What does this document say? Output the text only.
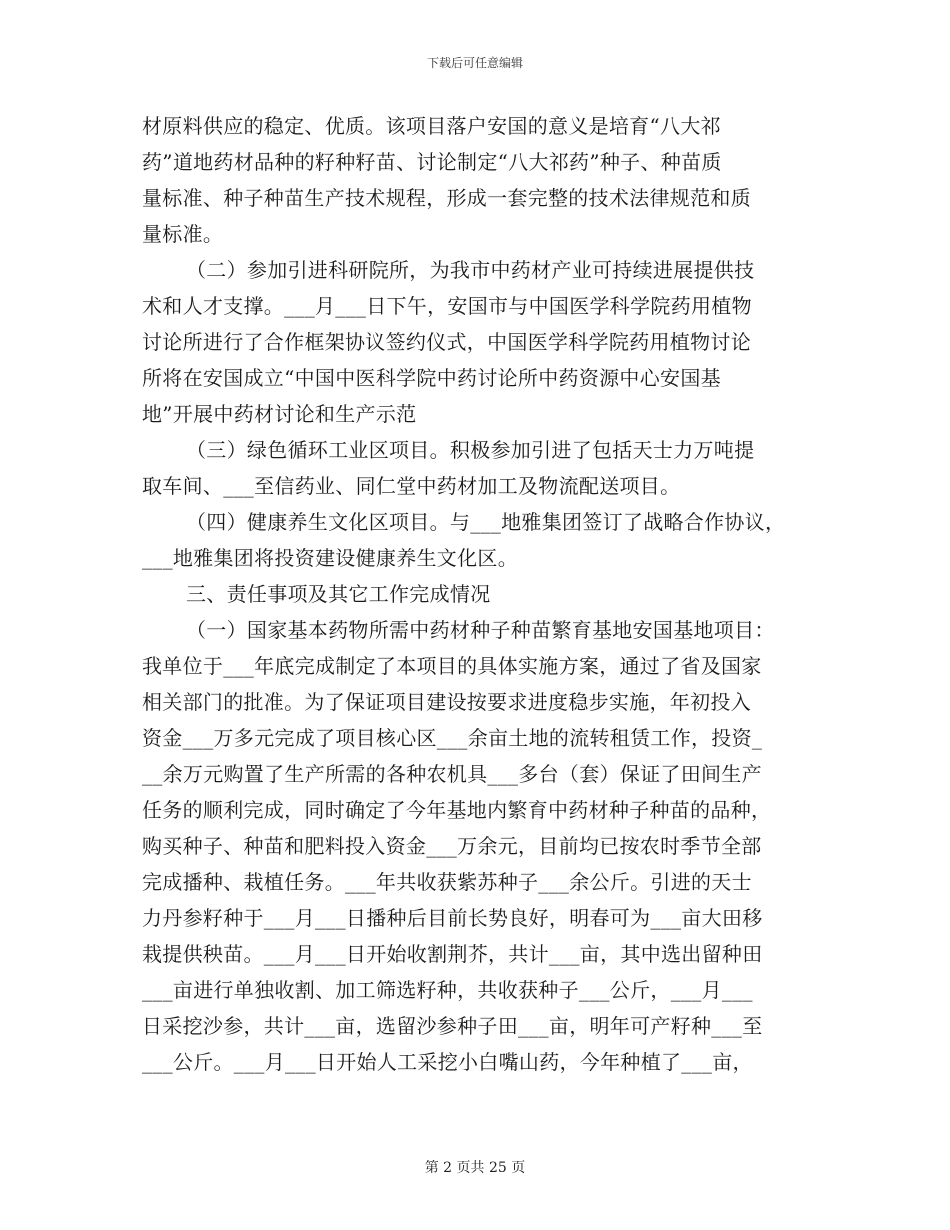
下载后可任意编辑
材原料供应的稳定、优质。该项目落户安国的意义是培育“八大祁
药”道地药材品种的籽种籽苗、讨论制定“八大祁药”种子、种苗质
量标准、种子种苗生产技术规程，形成一套完整的技术法律规范和质
量标准。
（二）参加引进科研院所，为我市中药材产业可持续进展提供技
术和人才支撑。___月___日下午，安国市与中国医学科学院药用植物
讨论所进行了合作框架协议签约仪式，中国医学科学院药用植物讨论
所将在安国成立“中国中医科学院中药讨论所中药资源中心安国基
地”开展中药材讨论和生产示范
（三）绿色循环工业区项目。积极参加引进了包括天士力万吨提
取车间、___至信药业、同仁堂中药材加工及物流配送项目。
（四）健康养生文化区项目。与___地雅集团签订了战略合作协议，
___地雅集团将投资建设健康养生文化区。
三、责任事项及其它工作完成情况
（一）国家基本药物所需中药材种子种苗繁育基地安国基地项目：
我单位于___年底完成制定了本项目的具体实施方案，通过了省及国家
相关部门的批准。为了保证项目建设按要求进度稳步实施，年初投入
资金___万多元完成了项目核心区___余亩土地的流转租赁工作，投资_
__余万元购置了生产所需的各种农机具___多台（套）保证了田间生产
任务的顺利完成，同时确定了今年基地内繁育中药材种子种苗的品种，
购买种子、种苗和肥料投入资金___万余元，目前均已按农时季节全部
完成播种、栽植任务。___年共收获紫苏种子___余公斤。引进的天士
力丹参籽种于___月___日播种后目前长势良好，明春可为___亩大田移
栽提供秧苗。___月___日开始收割荆芥，共计___亩，其中选出留种田
___亩进行单独收割、加工筛选籽种，共收获种子___公斤，___月___
日采挖沙参，共计___亩，选留沙参种子田___亩，明年可产籽种___至
___公斤。___月___日开始人工采挖小白嘴山药，今年种植了___亩，
第 2 页共 25 页
